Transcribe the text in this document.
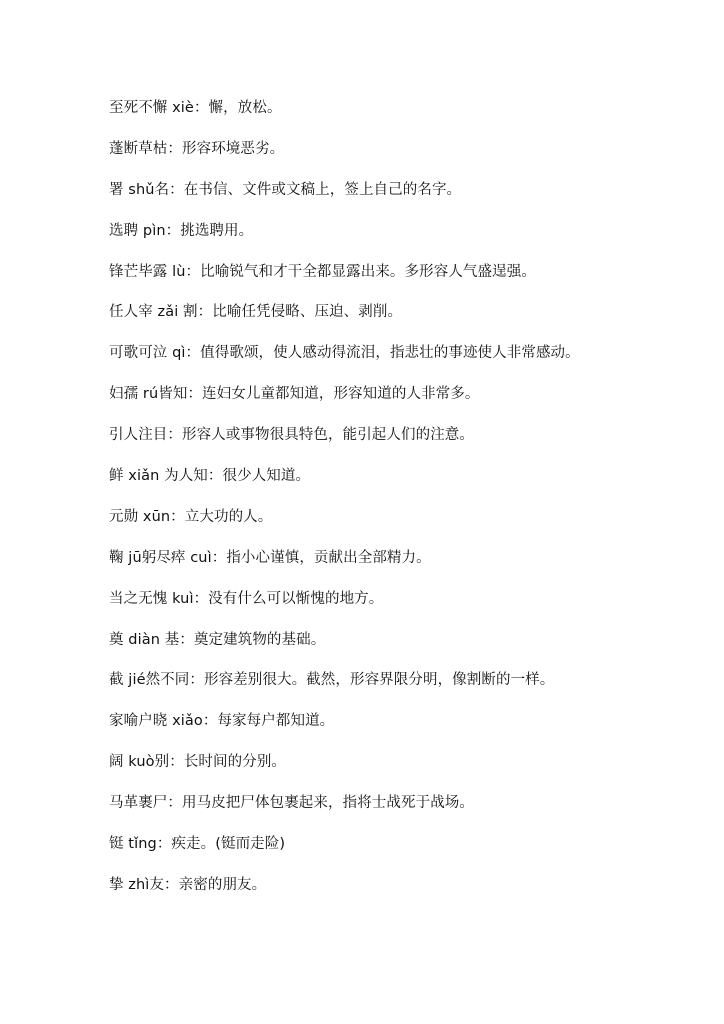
至死不懈 xiè：懈，放松。
蓬断草枯：形容环境恶劣。
署 shǔ名：在书信、文件或文稿上，签上自己的名字。
选聘 pìn：挑选聘用。
锋芒毕露 lù：比喻锐气和才干全都显露出来。多形容人气盛逞强。
任人宰 zǎi 割：比喻任凭侵略、压迫、剥削。
可歌可泣 qì：值得歌颂，使人感动得流泪，指悲壮的事迹使人非常感动。
妇孺 rú皆知：连妇女儿童都知道，形容知道的人非常多。
引人注目：形容人或事物很具特色，能引起人们的注意。
鲜 xiǎn 为人知：很少人知道。
元勋 xūn：立大功的人。
鞠 jū躬尽瘁 cuì：指小心谨慎，贡献出全部精力。
当之无愧 kuì：没有什么可以惭愧的地方。
奠 diàn 基：奠定建筑物的基础。
截 jié然不同：形容差别很大。截然，形容界限分明，像割断的一样。
家喻户晓 xiǎo：每家每户都知道。
阔 kuò别：长时间的分别。
马革裹尸：用马皮把尸体包裹起来，指将士战死于战场。
铤 tǐng：疾走。(铤而走险)
挚 zhì友：亲密的朋友。
